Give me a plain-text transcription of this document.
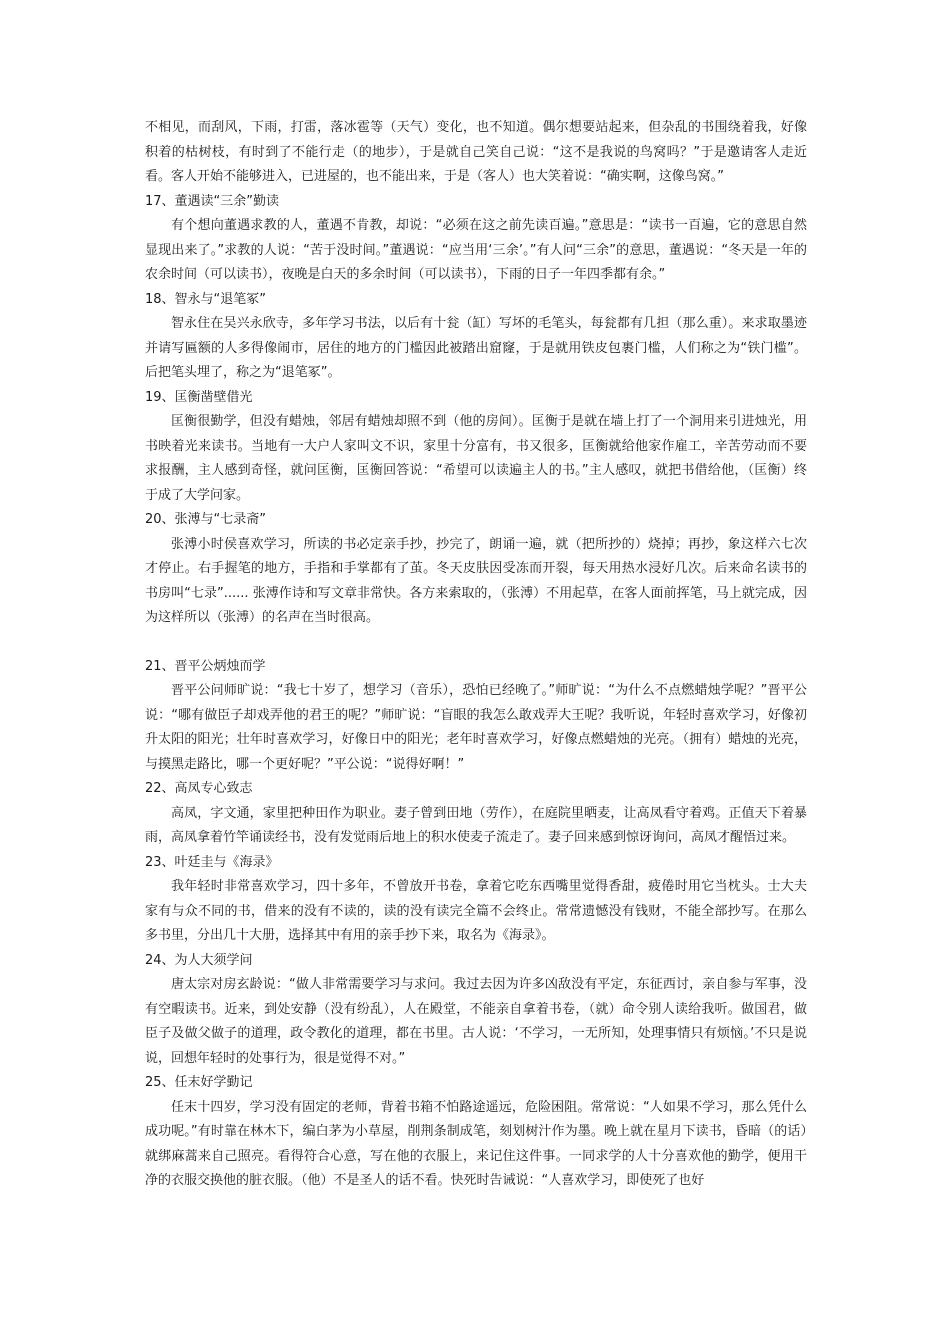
不相见，而刮风，下雨，打雷，落冰雹等（天气）变化，也不知道。偶尔想要站起来，但杂乱的书围绕着我，好像积着的枯树枝，有时到了不能行走（的地步），于是就自己笑自己说：“这不是我说的鸟窝吗？”于是邀请客人走近看。客人开始不能够进入，已进屋的，也不能出来，于是（客人）也大笑着说：“确实啊，这像鸟窝。”

17、董遇读“三余”勤读

有个想向董遇求教的人，董遇不肯教，却说：“必须在这之前先读百遍。”意思是：“读书一百遍，它的意思自然显现出来了。”求教的人说：“苦于没时间。”董遇说：“应当用‘三余’。”有人问“三余”的意思，董遇说：“冬天是一年的农余时间（可以读书），夜晚是白天的多余时间（可以读书），下雨的日子一年四季都有余。”

18、智永与“退笔冢”

智永住在吴兴永欣寺，多年学习书法，以后有十瓮（缸）写坏的毛笔头，每瓮都有几担（那么重）。来求取墨迹并请写匾额的人多得像闹市，居住的地方的门槛因此被踏出窟窿，于是就用铁皮包裹门槛，人们称之为“铁门槛”。后把笔头埋了，称之为“退笔冢”。

19、匡衡凿壁借光

匡衡很勤学，但没有蜡烛，邻居有蜡烛却照不到（他的房间）。匡衡于是就在墙上打了一个洞用来引进烛光，用书映着光来读书。当地有一大户人家叫文不识，家里十分富有，书又很多，匡衡就给他家作雇工，辛苦劳动而不要求报酬，主人感到奇怪，就问匡衡，匡衡回答说：“希望可以读遍主人的书。”主人感叹，就把书借给他，（匡衡）终于成了大学问家。

20、张溥与“七录斋”

张溥小时侯喜欢学习，所读的书必定亲手抄，抄完了，朗诵一遍，就（把所抄的）烧掉；再抄，象这样六七次才停止。右手握笔的地方，手指和手掌都有了茧。冬天皮肤因受冻而开裂，每天用热水浸好几次。后来命名读书的书房叫“七录”...... 张溥作诗和写文章非常快。各方来索取的，（张溥）不用起草，在客人面前挥笔，马上就完成，因为这样所以（张溥）的名声在当时很高。

21、晋平公炳烛而学

晋平公问师旷说：“我七十岁了，想学习（音乐），恐怕已经晚了。”师旷说：“为什么不点燃蜡烛学呢？”晋平公说：“哪有做臣子却戏弄他的君王的呢？”师旷说：“盲眼的我怎么敢戏弄大王呢？我听说，年轻时喜欢学习，好像初升太阳的阳光；壮年时喜欢学习，好像日中的阳光；老年时喜欢学习，好像点燃蜡烛的光亮。（拥有）蜡烛的光亮，与摸黑走路比，哪一个更好呢？”平公说：“说得好啊！”

22、高凤专心致志

高凤，字文通，家里把种田作为职业。妻子曾到田地（劳作），在庭院里晒麦，让高凤看守着鸡。正值天下着暴雨，高凤拿着竹竿诵读经书，没有发觉雨后地上的积水使麦子流走了。妻子回来感到惊讶询问，高凤才醒悟过来。

23、叶廷圭与《海录》

我年轻时非常喜欢学习，四十多年，不曾放开书卷，拿着它吃东西嘴里觉得香甜，疲倦时用它当枕头。士大夫家有与众不同的书，借来的没有不读的，读的没有读完全篇不会终止。常常遗憾没有钱财，不能全部抄写。在那么多书里，分出几十大册，选择其中有用的亲手抄下来，取名为《海录》。

24、为人大须学问

唐太宗对房玄龄说：“做人非常需要学习与求问。我过去因为许多凶敌没有平定，东征西讨，亲自参与军事，没有空暇读书。近来，到处安静（没有纷乱），人在殿堂，不能亲自拿着书卷，（就）命令别人读给我听。做国君，做臣子及做父做子的道理，政令教化的道理，都在书里。古人说：‘不学习，一无所知，处理事情只有烦恼。’不只是说说，回想年轻时的处事行为，很是觉得不对。”

25、任末好学勤记

任末十四岁，学习没有固定的老师，背着书箱不怕路途遥远，危险困阻。常常说：“人如果不学习，那么凭什么成功呢。”有时靠在林木下，编白茅为小草屋，削荆条制成笔，刻划树汁作为墨。晚上就在星月下读书，昏暗（的话）就绑麻蒿来自己照亮。看得符合心意，写在他的衣服上，来记住这件事。一同求学的人十分喜欢他的勤学，便用干净的衣服交换他的脏衣服。（他）不是圣人的话不看。快死时告诫说：“人喜欢学习，即使死了也好
